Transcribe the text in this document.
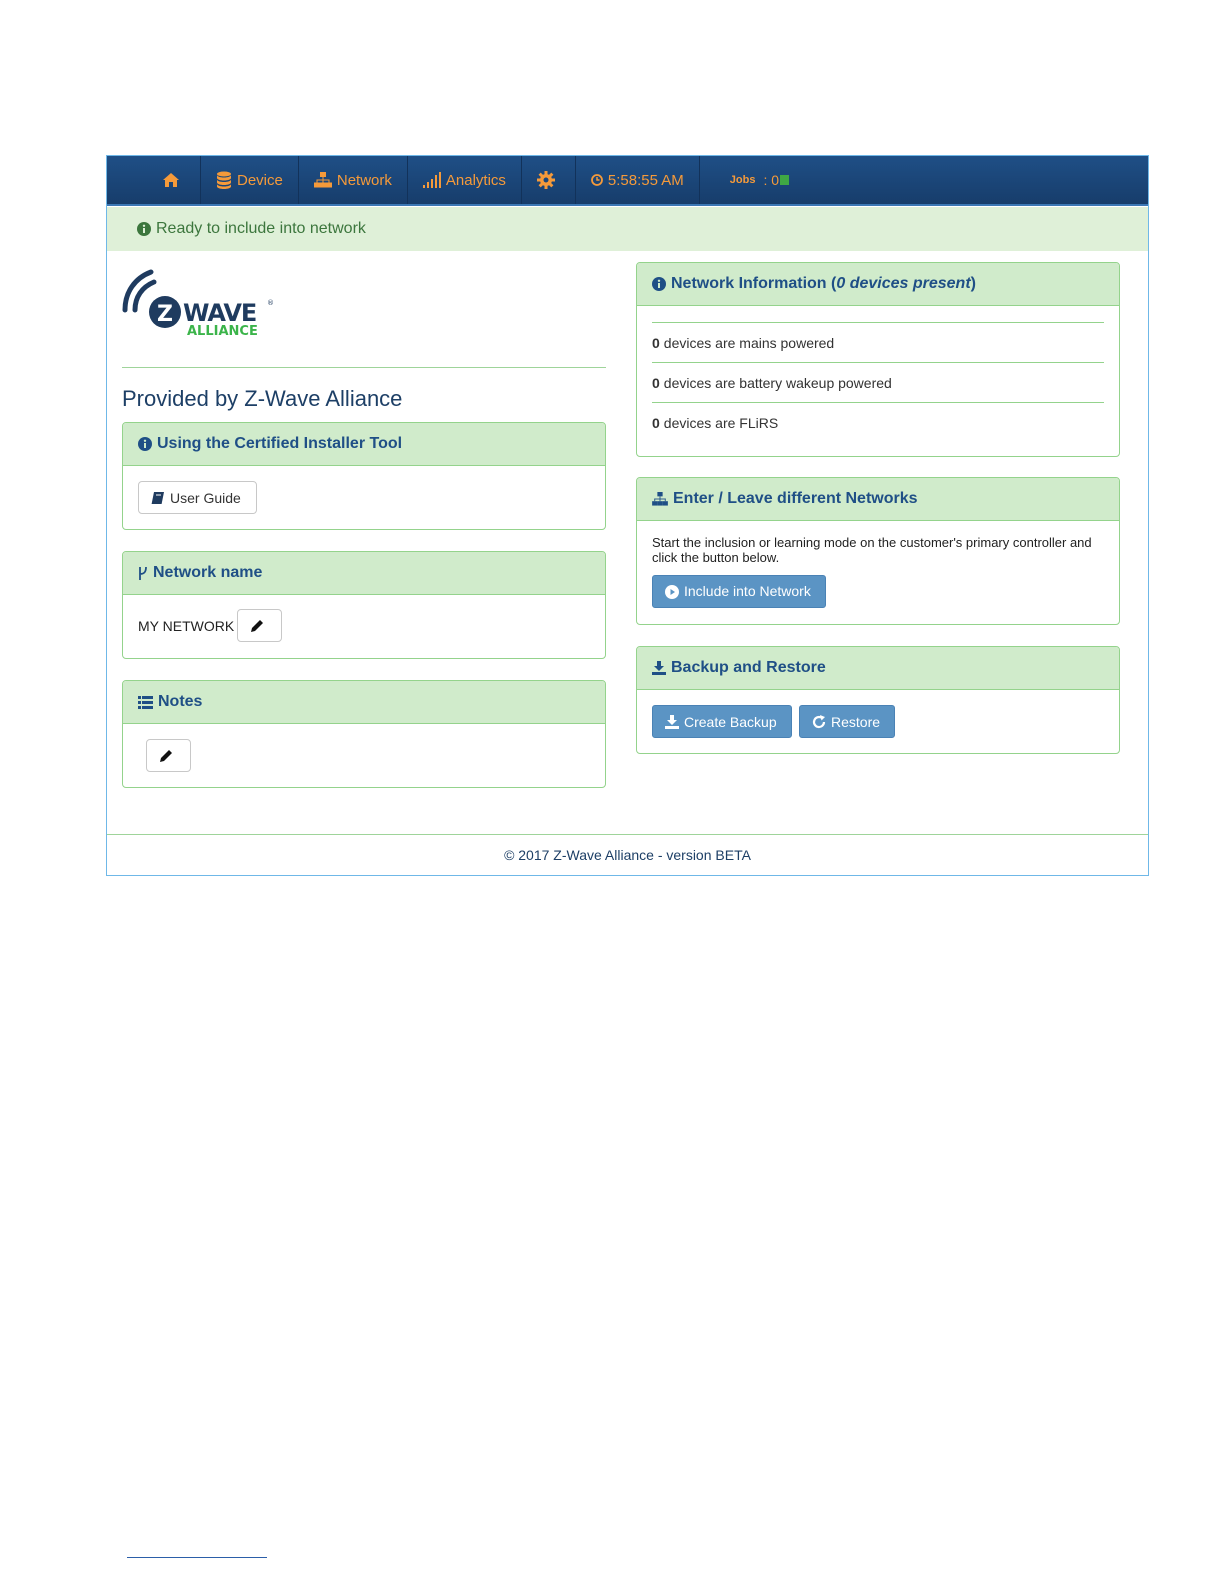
Device	Network	Analytics	5:58:55 AM	Jobs : 0
Ready to include into network
Z WAVE ®
ALLIANCE
Provided by Z-Wave Alliance
Using the Certified Installer Tool
User Guide
Network name
MY NETWORK
Notes
Network Information ( 0 devices present )
0 devices are mains powered
0 devices are battery wakeup powered
0 devices are FLiRS
Enter / Leave different Networks
Start the inclusion or learning mode on the customer's primary controller and click the button below.
Include into Network
Backup and Restore
Create Backup	Restore
© 2017 Z-Wave Alliance - version BETA
